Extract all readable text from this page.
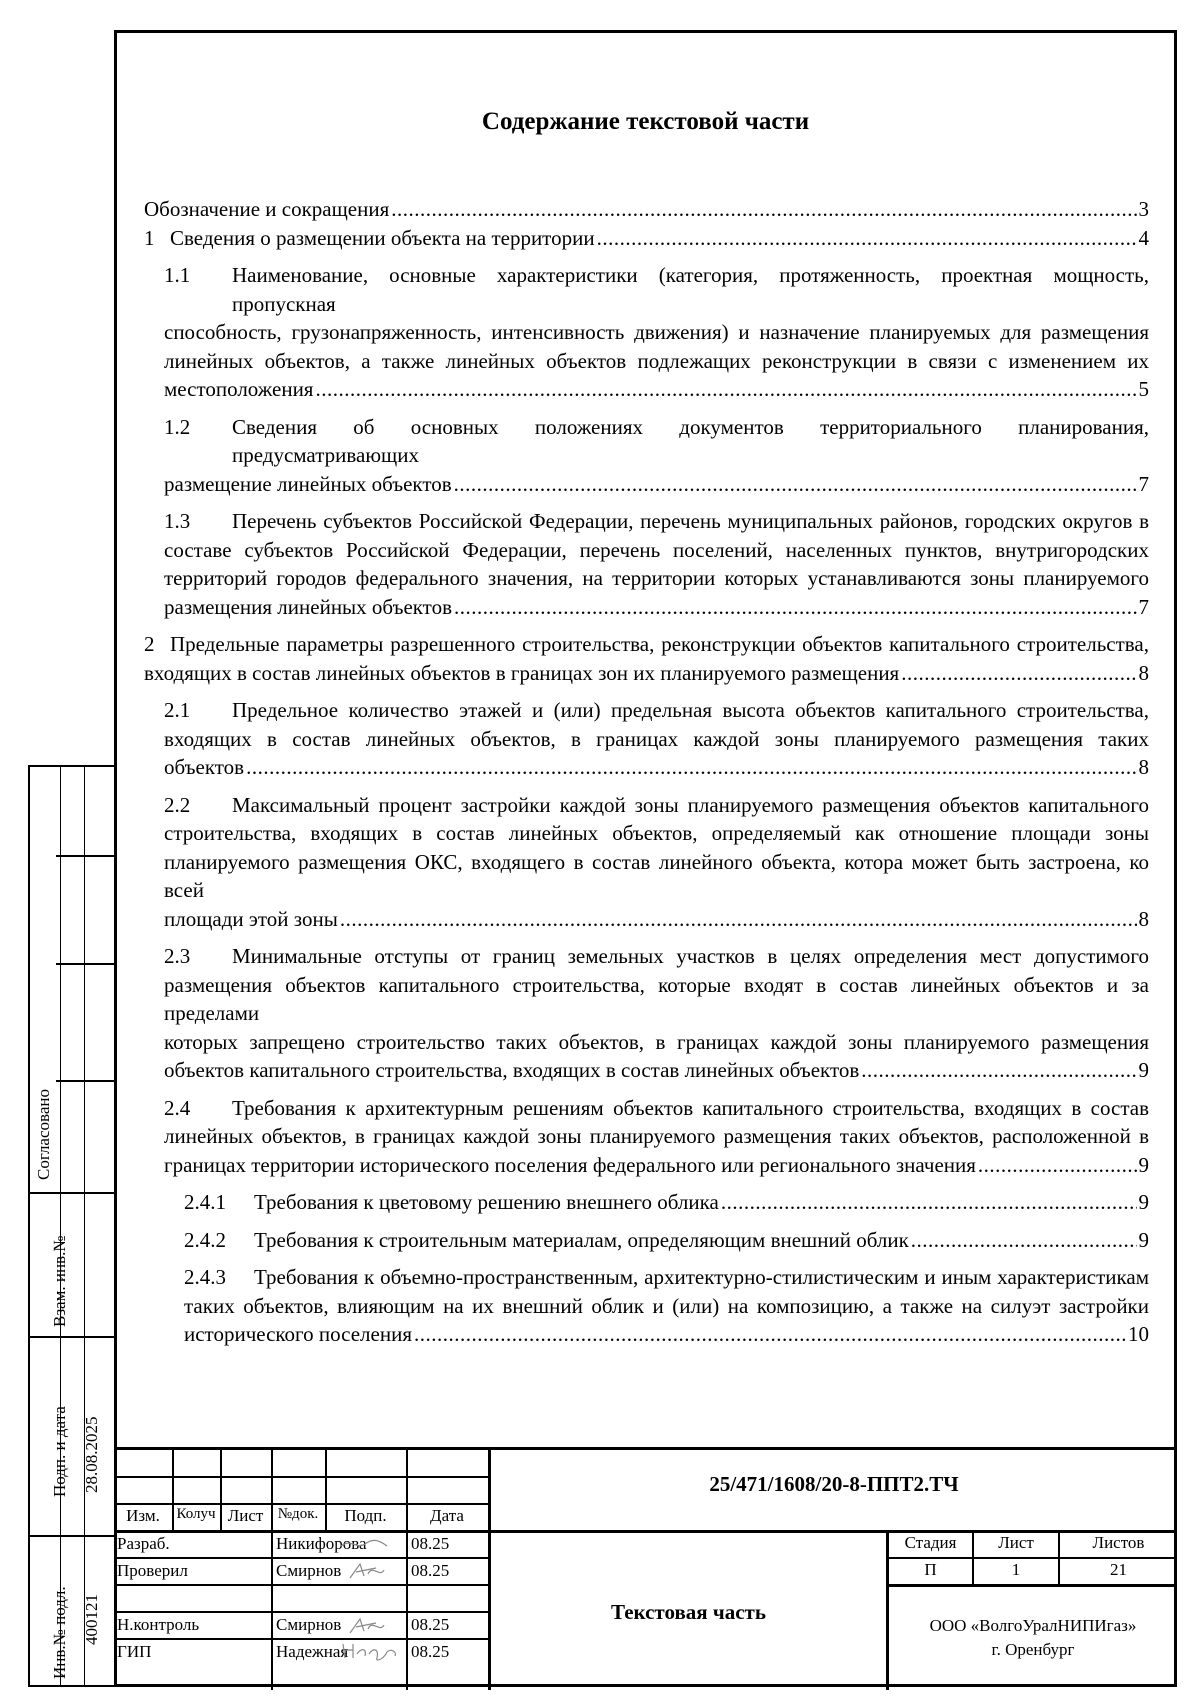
Содержание текстовой части
Обозначение и сокращения .....	3
1 Сведения о размещении объекта на территории .....	4
1.1	Наименование, основные характеристики (категория, протяженность, проектная мощность, пропускная
способность, грузонапряженность, интенсивность движения) и назначение планируемых для размещения
линейных объектов, а также линейных объектов подлежащих реконструкции в связи с изменением их
местоположения .....	5
1.2	Сведения об основных положениях документов территориального планирования, предусматривающих
размещение линейных объектов .....	7
1.3	Перечень субъектов Российской Федерации, перечень муниципальных районов, городских округов в
составе субъектов Российской Федерации, перечень поселений, населенных пунктов, внутригородских
территорий городов федерального значения, на территории которых устанавливаются зоны планируемого
размещения линейных объектов .....	7
2 Предельные параметры разрешенного строительства, реконструкции объектов капитального строительства,
входящих в состав линейных объектов в границах зон их планируемого размещения .....	8
2.1	Предельное количество этажей и (или) предельная высота объектов капитального строительства,
входящих в состав линейных объектов, в границах каждой зоны планируемого размещения таких
объектов .....	8
2.2	Максимальный процент застройки каждой зоны планируемого размещения объектов капитального
строительства, входящих в состав линейных объектов, определяемый как отношение площади зоны
планируемого размещения ОКС, входящего в состав линейного объекта, котора может быть застроена, ко всей
площади этой зоны .....	8
2.3	Минимальные отступы от границ земельных участков в целях определения мест допустимого
размещения объектов капитального строительства, которые входят в состав линейных объектов и за пределами
которых запрещено строительство таких объектов, в границах каждой зоны планируемого размещения
объектов капитального строительства, входящих в состав линейных объектов .....	9
2.4	Требования к архитектурным решениям объектов капитального строительства, входящих в состав
линейных объектов, в границах каждой зоны планируемого размещения таких объектов, расположенной в
границах территории исторического поселения федерального или регионального значения .....	9
2.4.1	Требования к цветовому решению внешнего облика .....	9
2.4.2	Требования к строительным материалам, определяющим внешний облик .....	9
2.4.3	Требования к объемно-пространственным, архитектурно-стилистическим и иным характеристикам
таких объектов, влияющим на их внешний облик и (или) на композицию, а также на силуэт застройки
исторического поселения .....	10
Согласовано
Взам. инв.№
Подп. и дата 28.08.2025
Инв.№ подл. 400121
Изм.	Колуч Лист №док.	Подп.	Дата
25/471/1608/20-8-ППТ2.ТЧ
Текстовая часть
Разраб.	Никифорова	08.25
Проверил	Смирнов	08.25
Н.контроль	Смирнов	08.25
ГИП	Надежная	08.25
Стадия	Лист	Листов
П	1	21
ООО «ВолгоУралНИПИгаз»
г. Оренбург
